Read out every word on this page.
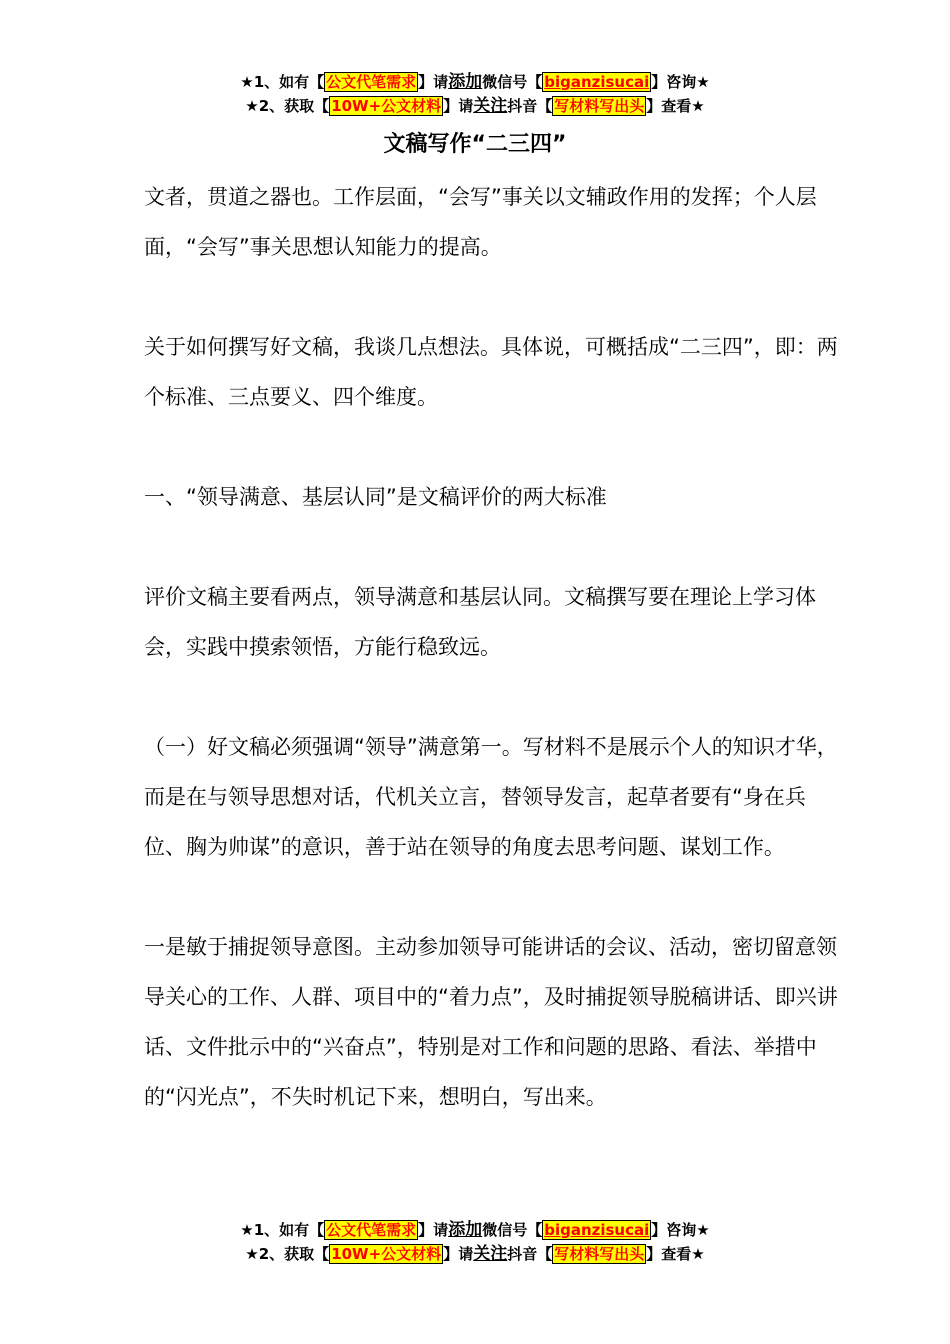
★1、如有【 公文代笔需求 】请添加微信号【 biganzisucai 】咨询★
★2、获取【 10W+公文材料 】请关注抖音【 写材料写出头 】查看★
文稿写作“二三四”

文者，贯道之器也。工作层面，“会写”事关以文辅政作用的发挥；个人层面，“会写”事关思想认知能力的提高。

关于如何撰写好文稿，我谈几点想法。具体说，可概括成“二三四”，即：两个标准、三点要义、四个维度。

一、“领导满意、基层认同”是文稿评价的两大标准

评价文稿主要看两点，领导满意和基层认同。文稿撰写要在理论上学习体会，实践中摸索领悟，方能行稳致远。

（一）好文稿必须强调“领导”满意第一。写材料不是展示个人的知识才华，而是在与领导思想对话，代机关立言，替领导发言，起草者要有“身在兵位、胸为帅谋”的意识，善于站在领导的角度去思考问题、谋划工作。

一是敏于捕捉领导意图。主动参加领导可能讲话的会议、活动，密切留意领导关心的工作、人群、项目中的“着力点”，及时捕捉领导脱稿讲话、即兴讲话、文件批示中的“兴奋点”，特别是对工作和问题的思路、看法、举措中的“闪光点”，不失时机记下来，想明白，写出来。

★1、如有【 公文代笔需求 】请添加微信号【 biganzisucai 】咨询★
★2、获取【 10W+公文材料 】请关注抖音【 写材料写出头 】查看★
